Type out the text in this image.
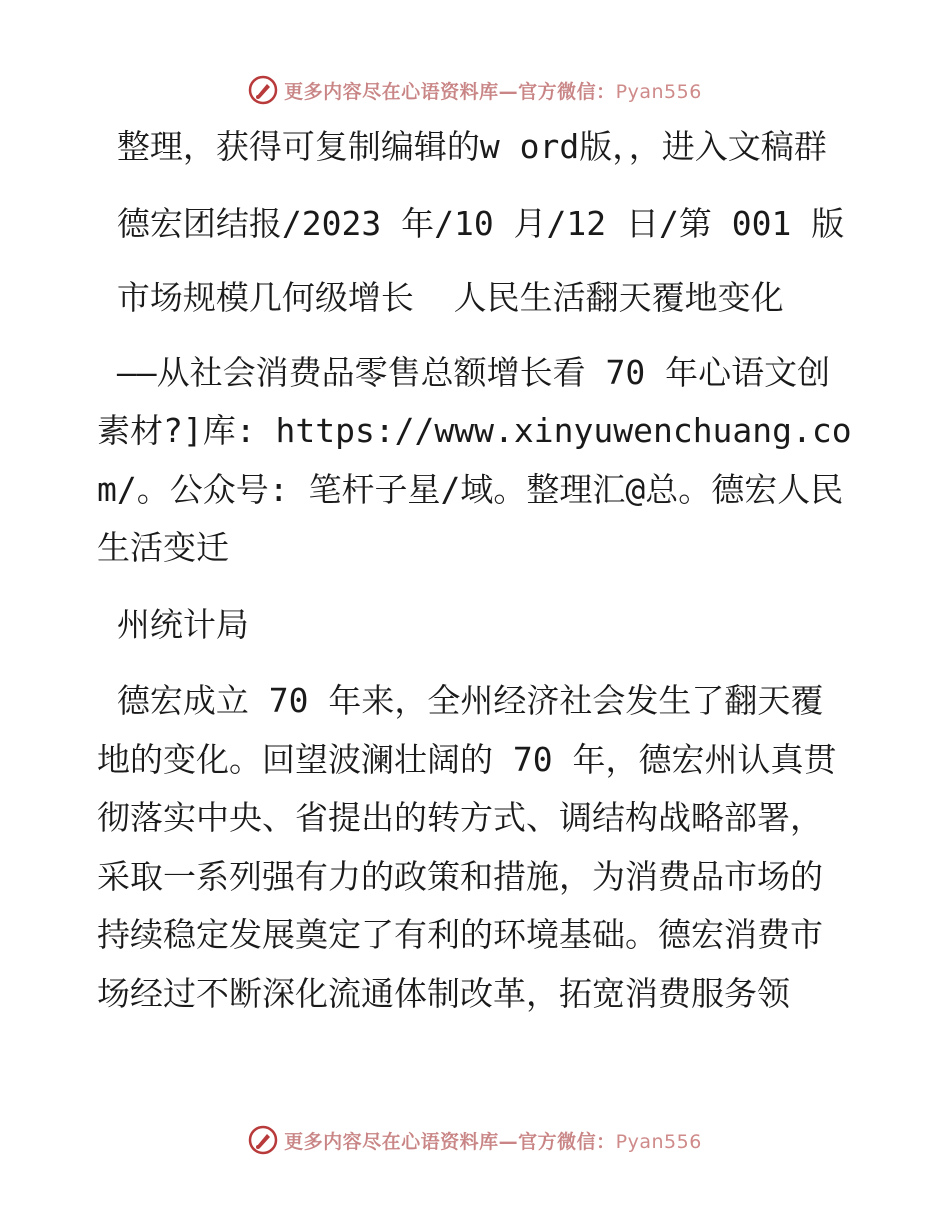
更多内容尽在心语资料库—官方微信：Pyan556

整理，获得可复制编辑的w ord版，，进入文稿群

德宏团结报/2023 年/10 月/12 日/第 001 版

市场规模几何级增长  人民生活翻天覆地变化

——从社会消费品零售总额增长看 70 年心语文创素材?]库: https://www.xinyuwenchuang.com/。公众号: 笔杆子星/域。整理汇@总。德宏人民生活变迁

州统计局

德宏成立 70 年来，全州经济社会发生了翻天覆地的变化。回望波澜壮阔的 70 年，德宏州认真贯彻落实中央、省提出的转方式、调结构战略部署，采取一系列强有力的政策和措施，为消费品市场的持续稳定发展奠定了有利的环境基础。德宏消费市场经过不断深化流通体制改革，拓宽消费服务领

更多内容尽在心语资料库—官方微信：Pyan556
